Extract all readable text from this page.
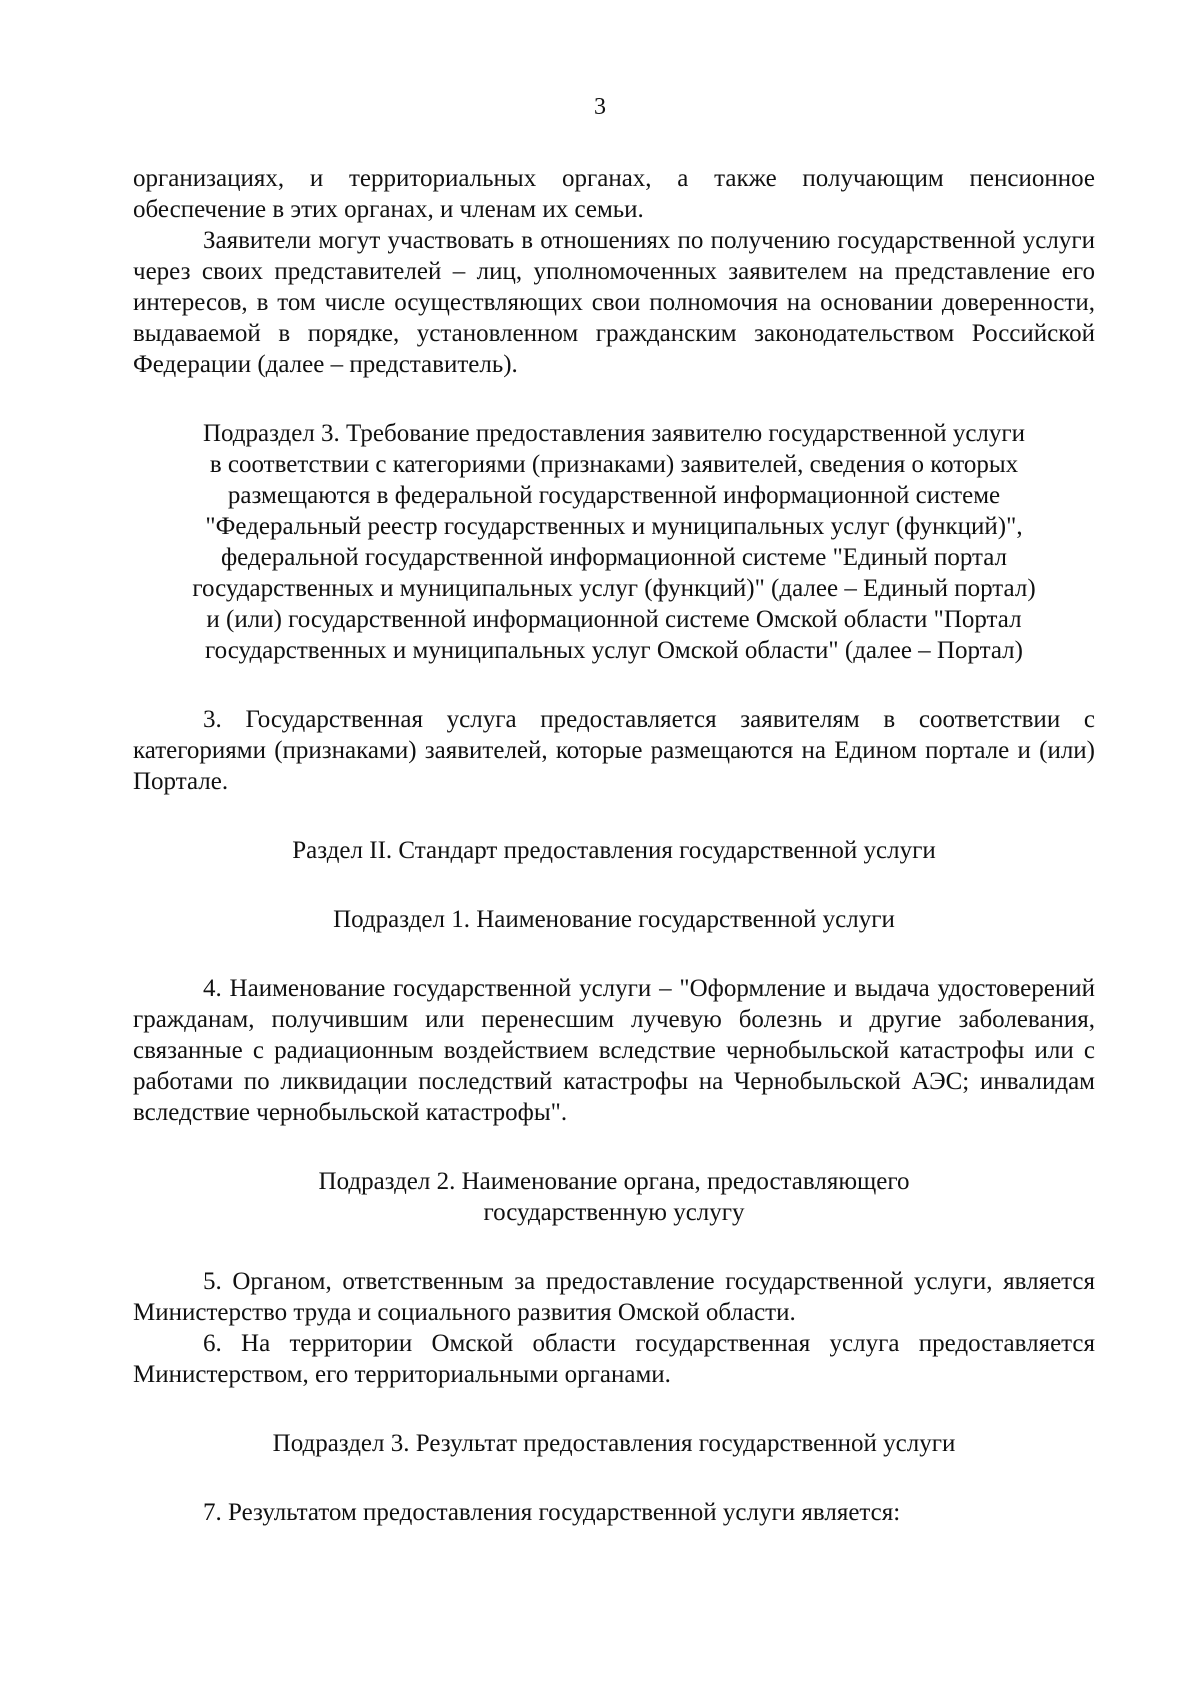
3

организациях, и территориальных органах, а также получающим пенсионное обеспечение в этих органах, и членам их семьи.

Заявители могут участвовать в отношениях по получению государственной услуги через своих представителей – лиц, уполномоченных заявителем на представление его интересов, в том числе осуществляющих свои полномочия на основании доверенности, выдаваемой в порядке, установленном гражданским законодательством Российской Федерации (далее – представитель).

Подраздел 3. Требование предоставления заявителю государственной услуги
в соответствии с категориями (признаками) заявителей, сведения о которых
размещаются в федеральной государственной информационной системе
"Федеральный реестр государственных и муниципальных услуг (функций)",
федеральной государственной информационной системе "Единый портал
государственных и муниципальных услуг (функций)" (далее – Единый портал)
и (или) государственной информационной системе Омской области "Портал
государственных и муниципальных услуг Омской области" (далее – Портал)

3. Государственная услуга предоставляется заявителям в соответствии с категориями (признаками) заявителей, которые размещаются на Едином портале и (или) Портале.

Раздел II. Стандарт предоставления государственной услуги
Подраздел 1. Наименование государственной услуги

4. Наименование государственной услуги – "Оформление и выдача удостоверений гражданам, получившим или перенесшим лучевую болезнь и другие заболевания, связанные с радиационным воздействием вследствие чернобыльской катастрофы или с работами по ликвидации последствий катастрофы на Чернобыльской АЭС; инвалидам вследствие чернобыльской катастрофы".

Подраздел 2. Наименование органа, предоставляющего
государственную услугу

5. Органом, ответственным за предоставление государственной услуги, является Министерство труда и социального развития Омской области.

6. На территории Омской области государственная услуга предоставляется Министерством, его территориальными органами.

Подраздел 3. Результат предоставления государственной услуги

7. Результатом предоставления государственной услуги является:
